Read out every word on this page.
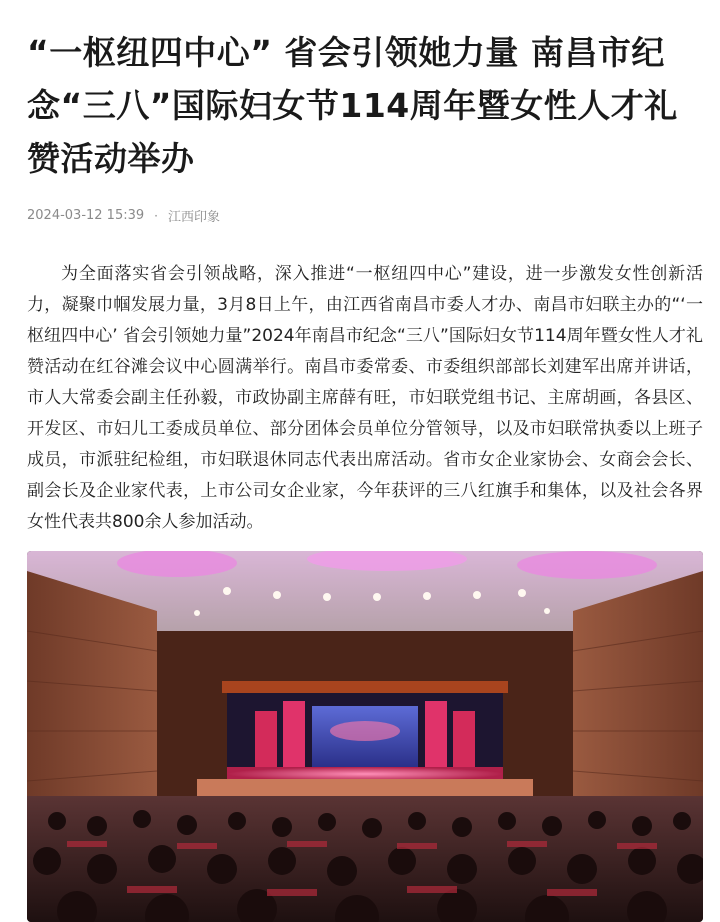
“一枢纽四中心” 省会引领她力量 南昌市纪念“三八”国际妇女节114周年暨女性人才礼赞活动举办
2024-03-12 15:39 · 江西印象

为全面落实省会引领战略，深入推进“一枢纽四中心”建设，进一步激发女性创新活力，凝聚巾帼发展力量，3月8日上午，由江西省南昌市委人才办、南昌市妇联主办的“‘一枢纽四中心’ 省会引领她力量”2024年南昌市纪念“三八”国际妇女节114周年暨女性人才礼赞活动在红谷滩会议中心圆满举行。南昌市委常委、市委组织部部长刘建军出席并讲话，市人大常委会副主任孙毅，市政协副主席薛有旺，市妇联党组书记、主席胡画，各县区、开发区、市妇儿工委成员单位、部分团体会员单位分管领导，以及市妇联常执委以上班子成员，市派驻纪检组，市妇联退休同志代表出席活动。省市女企业家协会、女商会会长、副会长及企业家代表，上市公司女企业家，今年获评的三八红旗手和集体，以及社会各界女性代表共800余人参加活动。
